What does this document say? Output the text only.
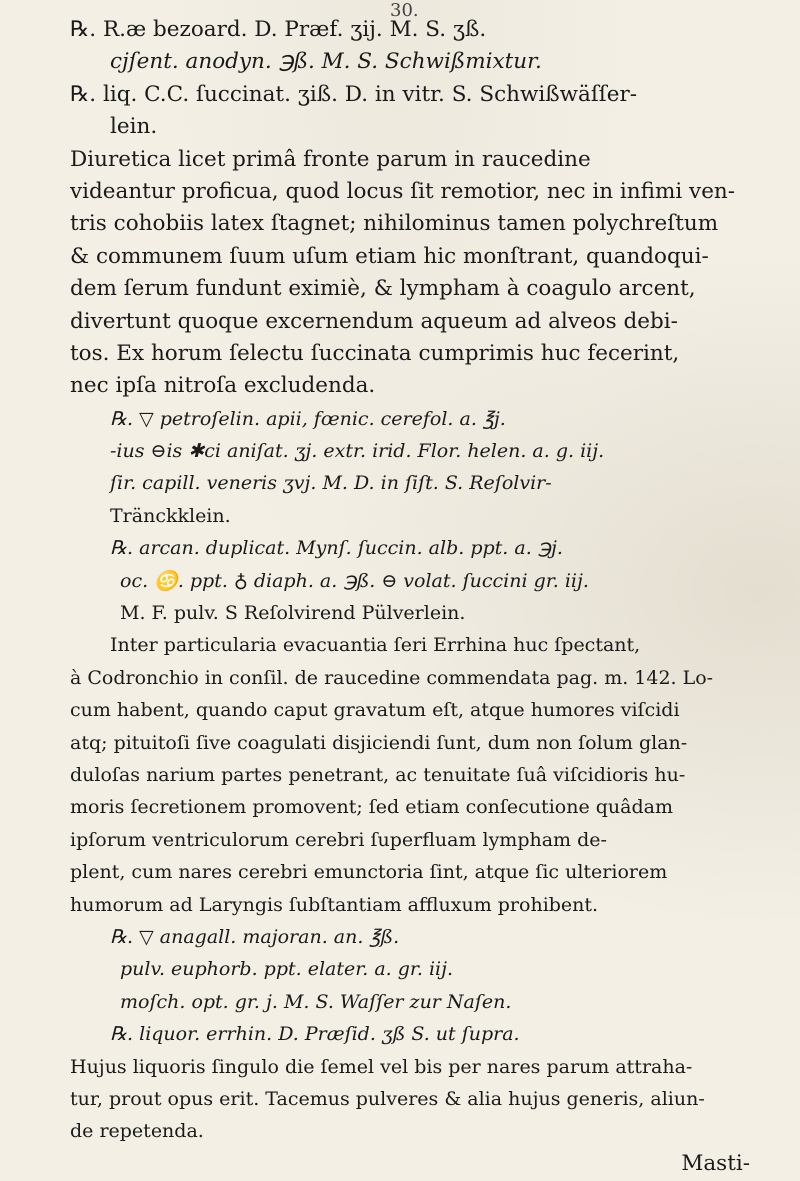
30.
℞. R.æ bezoard. D. Præf. ʒij. M. S. ʒß.
cjſent. anodyn. ℈ß. M. S. Schwißmixtur.
℞. liq. C.C. ſuccinat. ʒiß. D. in vitr. S. Schwißwäſſer-
lein.
Diuretica licet primâ fronte parum in raucedine
videantur proficua, quod locus ſit remotior, nec in infimi ven-
tris cohobiis latex ſtagnet; nihilominus tamen polychreſtum
& communem ſuum uſum etiam hic monſtrant, quandoqui-
dem ſerum fundunt eximiè, & lympham à coagulo arcent,
divertunt quoque excernendum aqueum ad alveos debi-
tos. Ex horum ſelectu ſuccinata cumprimis huc fecerint,
nec ipſa nitroſa excludenda.
℞. ▽ petroſelin. apii, fœnic. cerefol. a. ℥j.
-ius ⊖is ✱ci aniſat. ʒj. extr. irid. Flor. helen. a. g. iij.
ſir. capill. veneris ʒvj. M. D. in ſiſt. S. Reſolvir-
Tränckklein.
℞. arcan. duplicat. Mynſ. ſuccin. alb. ppt. a. ℈j.
oc. ♋. ppt. ♁ diaph. a. ℈ß. ⊖ volat. ſuccini gr. iij.
M. F. pulv. S Reſolvirend Pülverlein.
Inter particularia evacuantia ſeri Errhina huc ſpectant,
à Codronchio in conſil. de raucedine commendata pag. m. 142. Lo-
cum habent, quando caput gravatum eſt, atque humores viſcidi
atq; pituitoſi ſive coagulati disjiciendi ſunt, dum non ſolum glan-
duloſas narium partes penetrant, ac tenuitate ſuâ viſcidioris hu-
moris ſecretionem promovent; ſed etiam conſecutione quâdam
ipſorum ventriculorum cerebri ſuperfluam lympham de-
plent, cum nares cerebri emunctoria ſint, atque ſic ulteriorem
humorum ad Laryngis ſubſtantiam affluxum prohibent.
℞. ▽ anagall. majoran. an. ℥ß.
pulv. euphorb. ppt. elater. a. gr. iij.
moſch. opt. gr. j. M. S. Waſſer zur Naſen.
℞. liquor. errhin. D. Præſid. ʒß S. ut ſupra.
Hujus liquoris ſingulo die ſemel vel bis per nares parum attraha-
tur, prout opus erit. Tacemus pulveres & alia hujus generis, aliun-
de repetenda.
Masti-
